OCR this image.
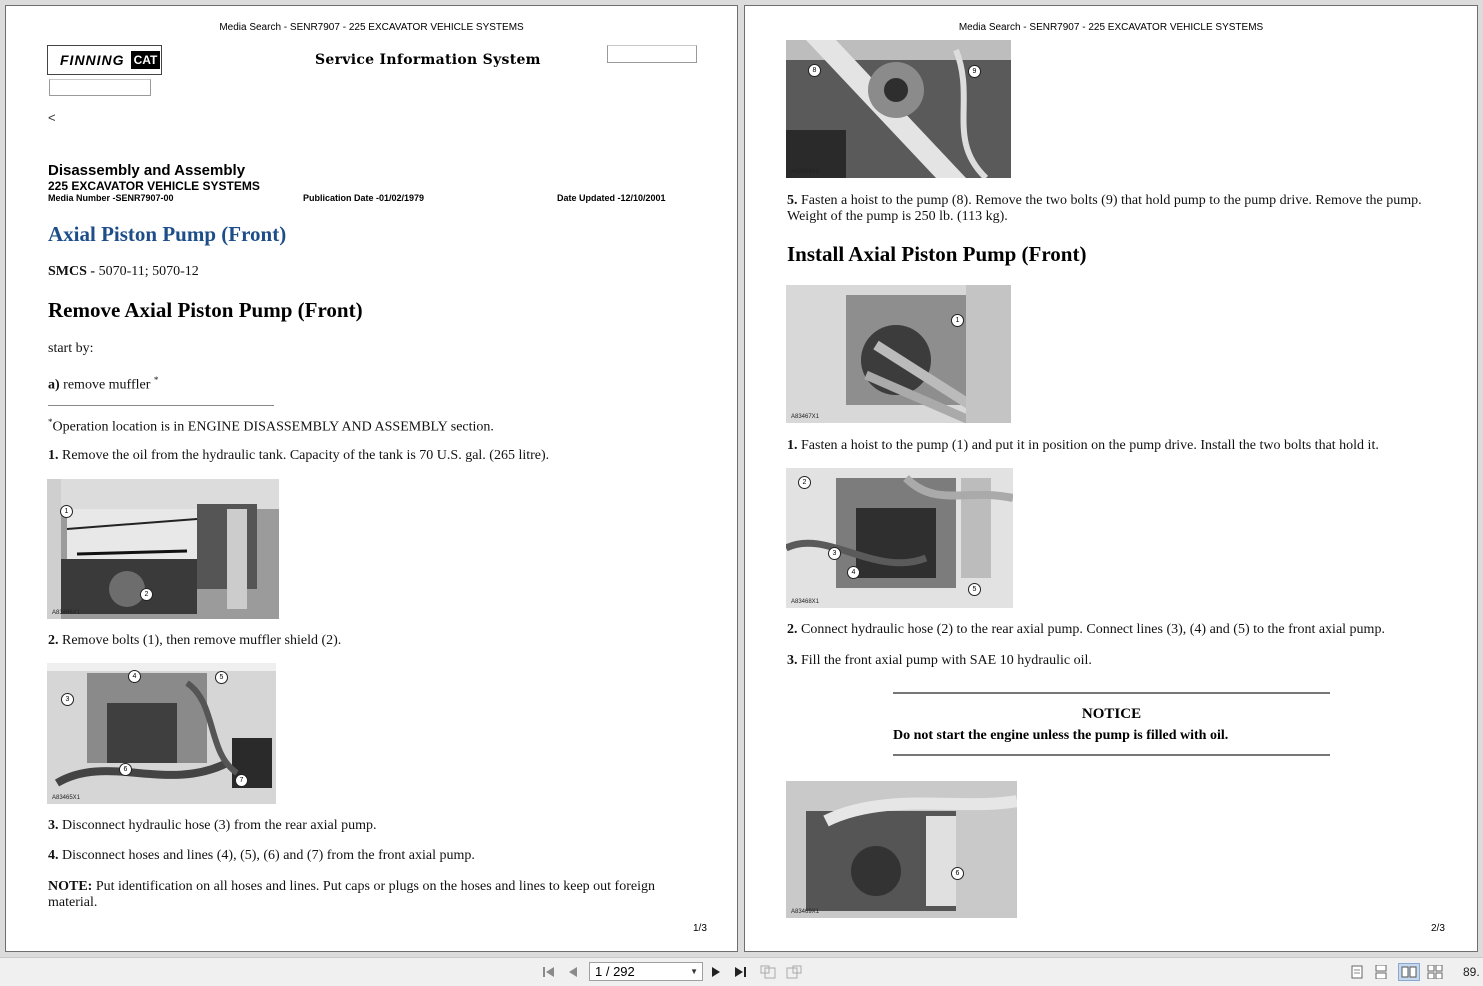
Media Search - SENR7907 - 225 EXCAVATOR VEHICLE SYSTEMS
FINNING CAT	Service Information System
<
Disassembly and Assembly
225 EXCAVATOR VEHICLE SYSTEMS
Media Number -SENR7907-00	Publication Date -01/02/1979	Date Updated -12/10/2001
Axial Piston Pump (Front)
SMCS - 5070-11; 5070-12
Remove Axial Piston Pump (Front)
start by:
a) remove muffler *
*Operation location is in ENGINE DISASSEMBLY AND ASSEMBLY section.
1. Remove the oil from the hydraulic tank. Capacity of the tank is 70 U.S. gal. (265 litre).
1
2
A83466X1
2. Remove bolts (1), then remove muffler shield (2).
3
4	5
6
7
A83465X1
3. Disconnect hydraulic hose (3) from the rear axial pump.
4. Disconnect hoses and lines (4), (5), (6) and (7) from the front axial pump.
NOTE: Put identification on all hoses and lines. Put caps or plugs on the hoses and lines to keep out foreign material.
1/3
Media Search - SENR7907 - 225 EXCAVATOR VEHICLE SYSTEMS
8	9
A83466X1
5. Fasten a hoist to the pump (8). Remove the two bolts (9) that hold pump to the pump drive. Remove the pump. Weight of the pump is 250 lb. (113 kg).
Install Axial Piston Pump (Front)
1
A83467X1
1. Fasten a hoist to the pump (1) and put it in position on the pump drive. Install the two bolts that hold it.
2
3
4
5
A83468X1
2. Connect hydraulic hose (2) to the rear axial pump. Connect lines (3), (4) and (5) to the front axial pump.
3. Fill the front axial pump with SAE 10 hydraulic oil.
NOTICE
Do not start the engine unless the pump is filled with oil.
6
A83469X1
2/3
1 / 292	▼	89.
